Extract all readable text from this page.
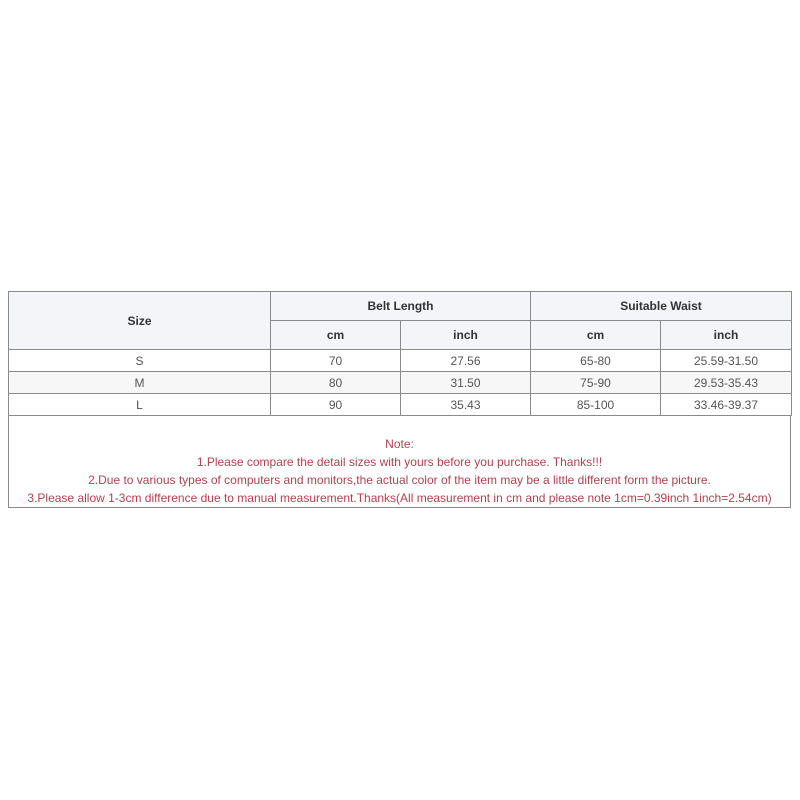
Size	Belt Length		Suitable Waist	
	cm	inch	cm	inch
S	70	27.56	65-80	25.59-31.50
M	80	31.50	75-90	29.53-35.43
L	90	35.43	85-100	33.46-39.37
Note:
1.Please compare the detail sizes with yours before you purchase. Thanks!!!
2.Due to various types of computers and monitors,the actual color of the item may be a little different form the picture.
3.Please allow 1-3cm difference due to manual measurement.Thanks(All measurement in cm and please note 1cm=0.39inch 1inch=2.54cm)
